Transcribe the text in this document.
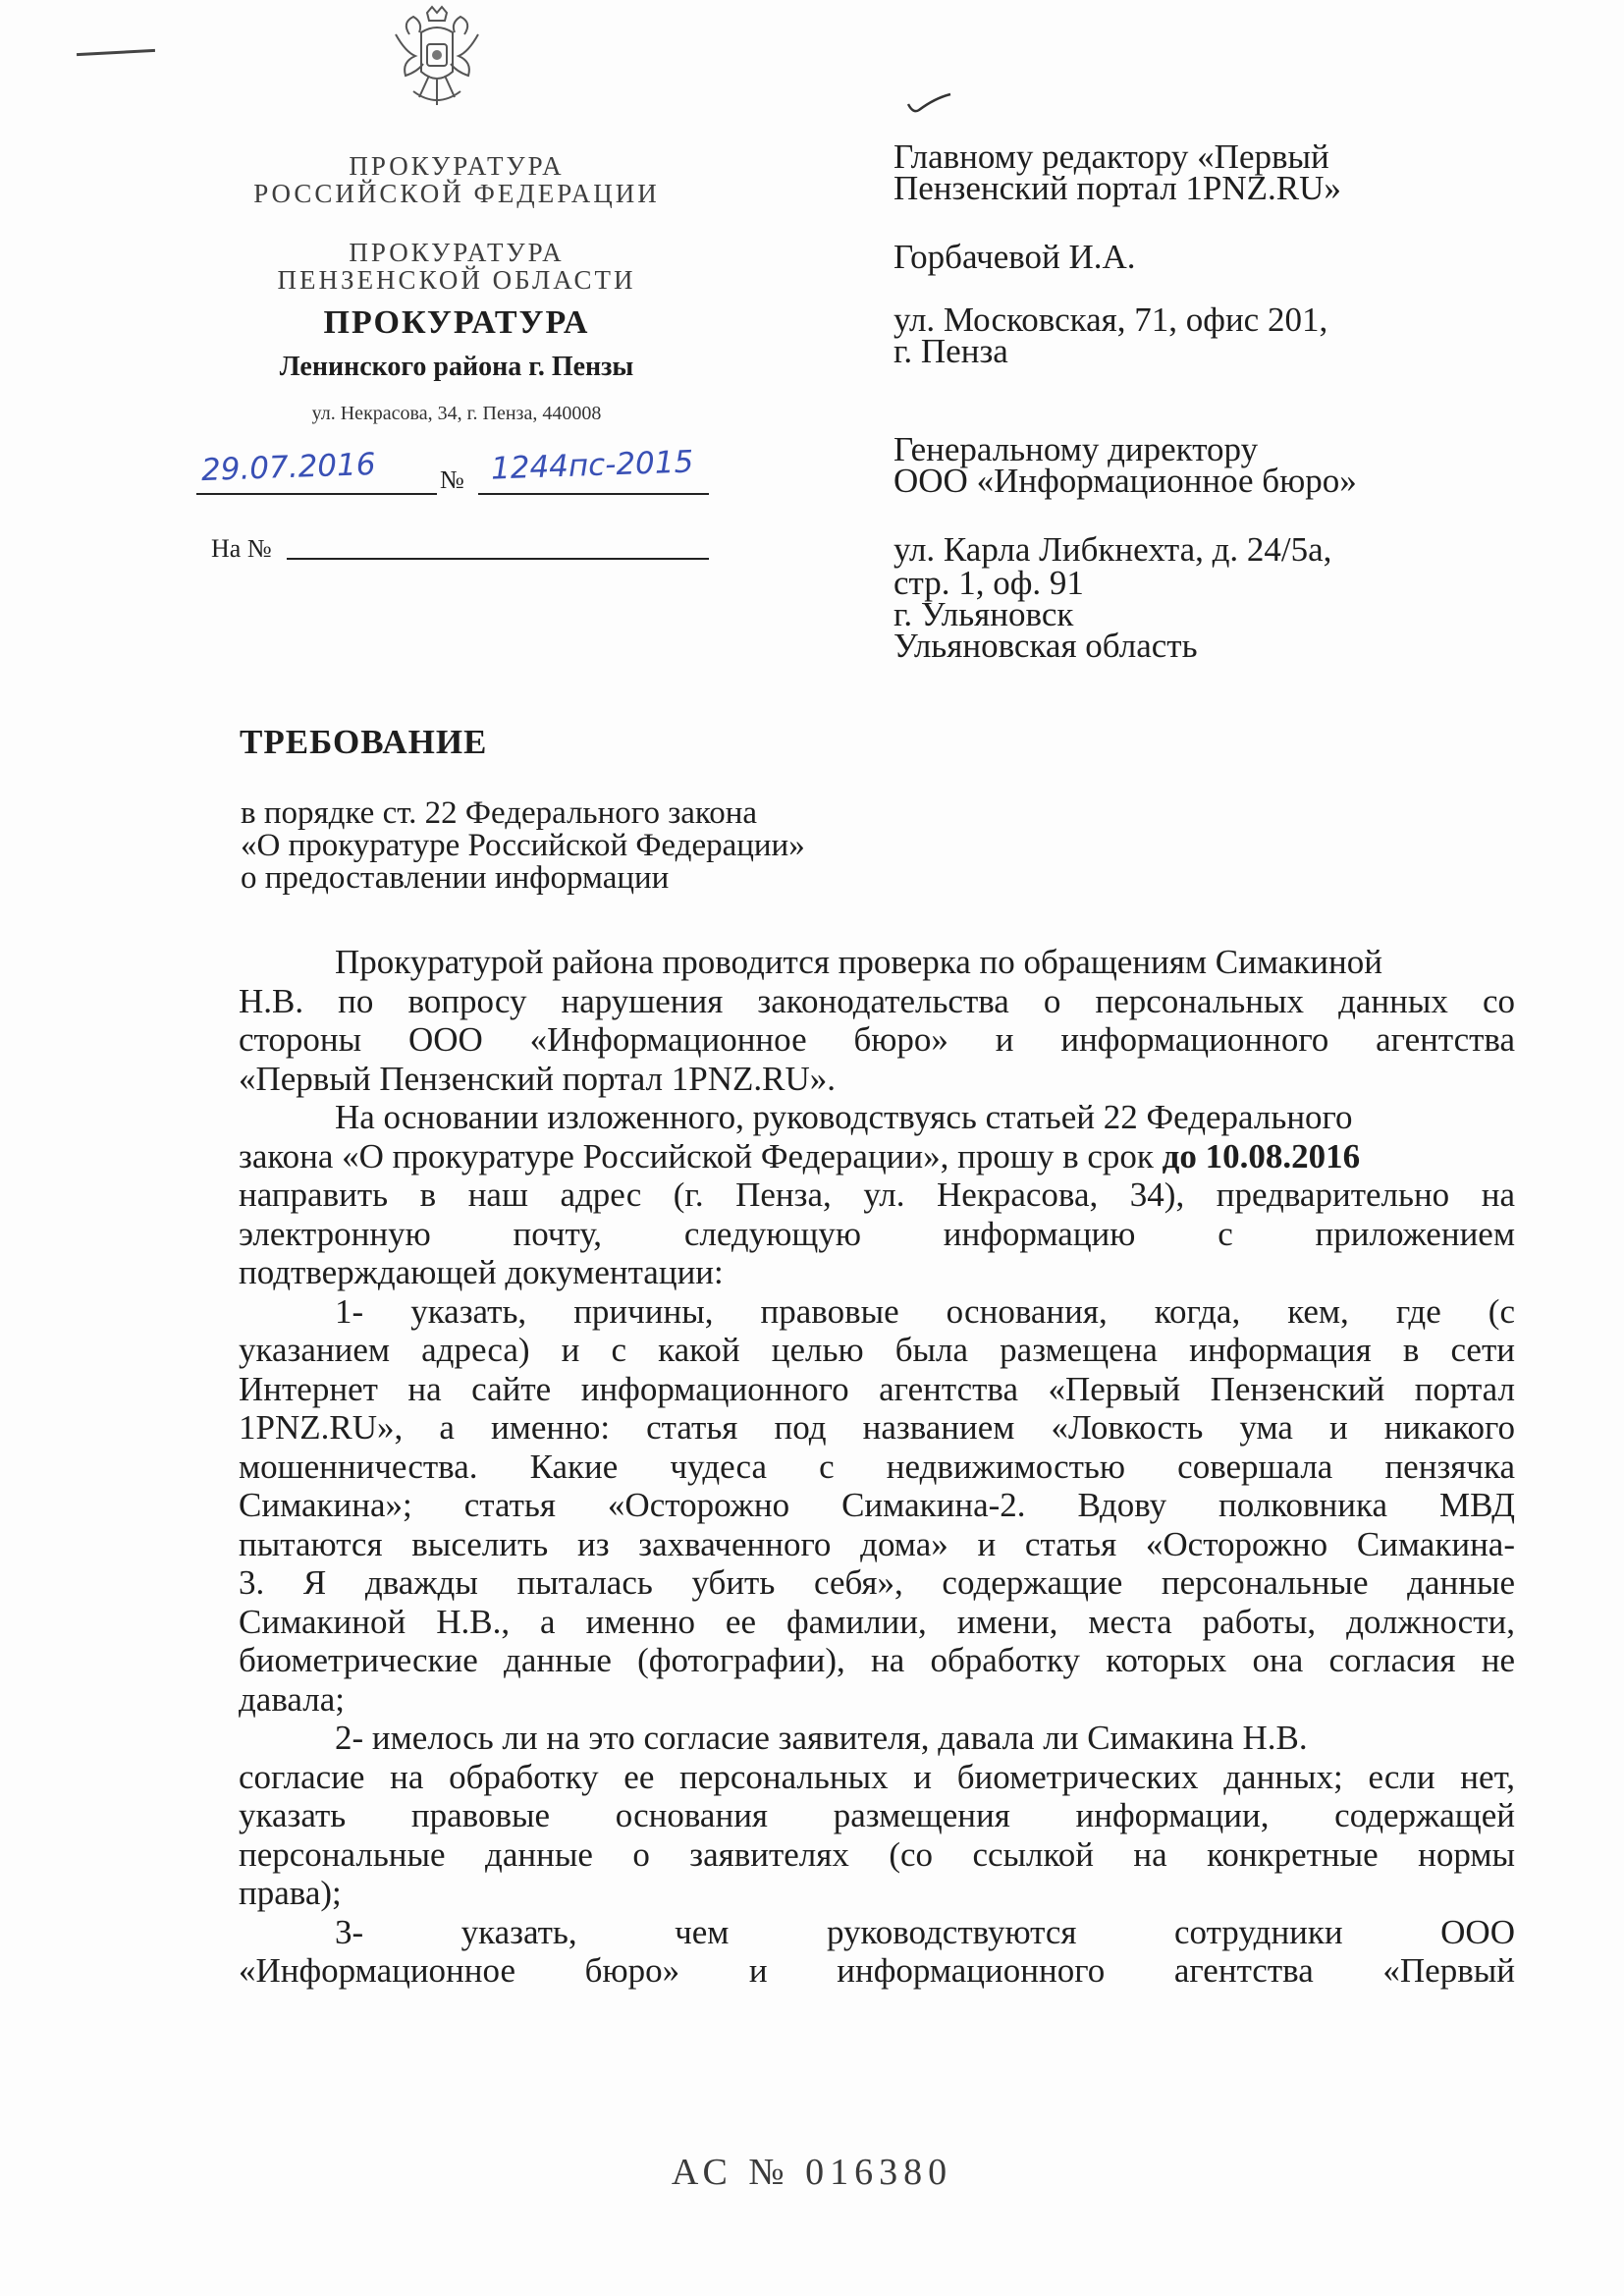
ПРОКУРАТУРА
РОССИЙСКОЙ ФЕДЕРАЦИИ
ПРОКУРАТУРА
ПЕНЗЕНСКОЙ ОБЛАСТИ
ПРОКУРАТУРА
Ленинского района г. Пензы
ул. Некрасова, 34, г. Пенза, 440008
29.07.2016 № 1244пс-2015
На №
Главному редактору «Первый
Пензенский портал 1PNZ.RU»
Горбачевой И.А.
ул. Московская, 71, офис 201,
г. Пенза
Генеральному директору
ООО «Информационное бюро»
ул. Карла Либкнехта, д. 24/5а,
стр. 1, оф. 91
г. Ульяновск
Ульяновская область
ТРЕБОВАНИЕ
в порядке ст. 22 Федерального закона
«О прокуратуре Российской Федерации»
о предоставлении информации
Прокуратурой района проводится проверка по обращениям Симакиной
Н.В. по вопросу нарушения законодательства о персональных данных со
стороны ООО «Информационное бюро» и информационного агентства
«Первый Пензенский портал 1PNZ.RU».
На основании изложенного, руководствуясь статьей 22 Федерального
закона «О прокуратуре Российской Федерации», прошу в срок до 10.08.2016
направить в наш адрес (г. Пенза, ул. Некрасова, 34), предварительно на
электронную почту, следующую информацию с приложением
подтверждающей документации:
1- указать, причины, правовые основания, когда, кем, где (с
указанием адреса) и с какой целью была размещена информация в сети
Интернет на сайте информационного агентства «Первый Пензенский портал
1PNZ.RU», а именно: статья под названием «Ловкость ума и никакого
мошенничества. Какие чудеса с недвижимостью совершала пензячка
Симакина»; статья «Осторожно Симакина-2. Вдову полковника МВД
пытаются выселить из захваченного дома» и статья «Осторожно Симакина-
3. Я дважды пыталась убить себя», содержащие персональные данные
Симакиной Н.В., а именно ее фамилии, имени, места работы, должности,
биометрические данные (фотографии), на обработку которых она согласия не
давала;
2- имелось ли на это согласие заявителя, давала ли Симакина Н.В.
согласие на обработку ее персональных и биометрических данных; если нет,
указать правовые основания размещения информации, содержащей
персональные данные о заявителях (со ссылкой на конкретные нормы
права);
3- указать, чем руководствуются сотрудники ООО
«Информационное бюро» и информационного агентства «Первый
АС № 016380
